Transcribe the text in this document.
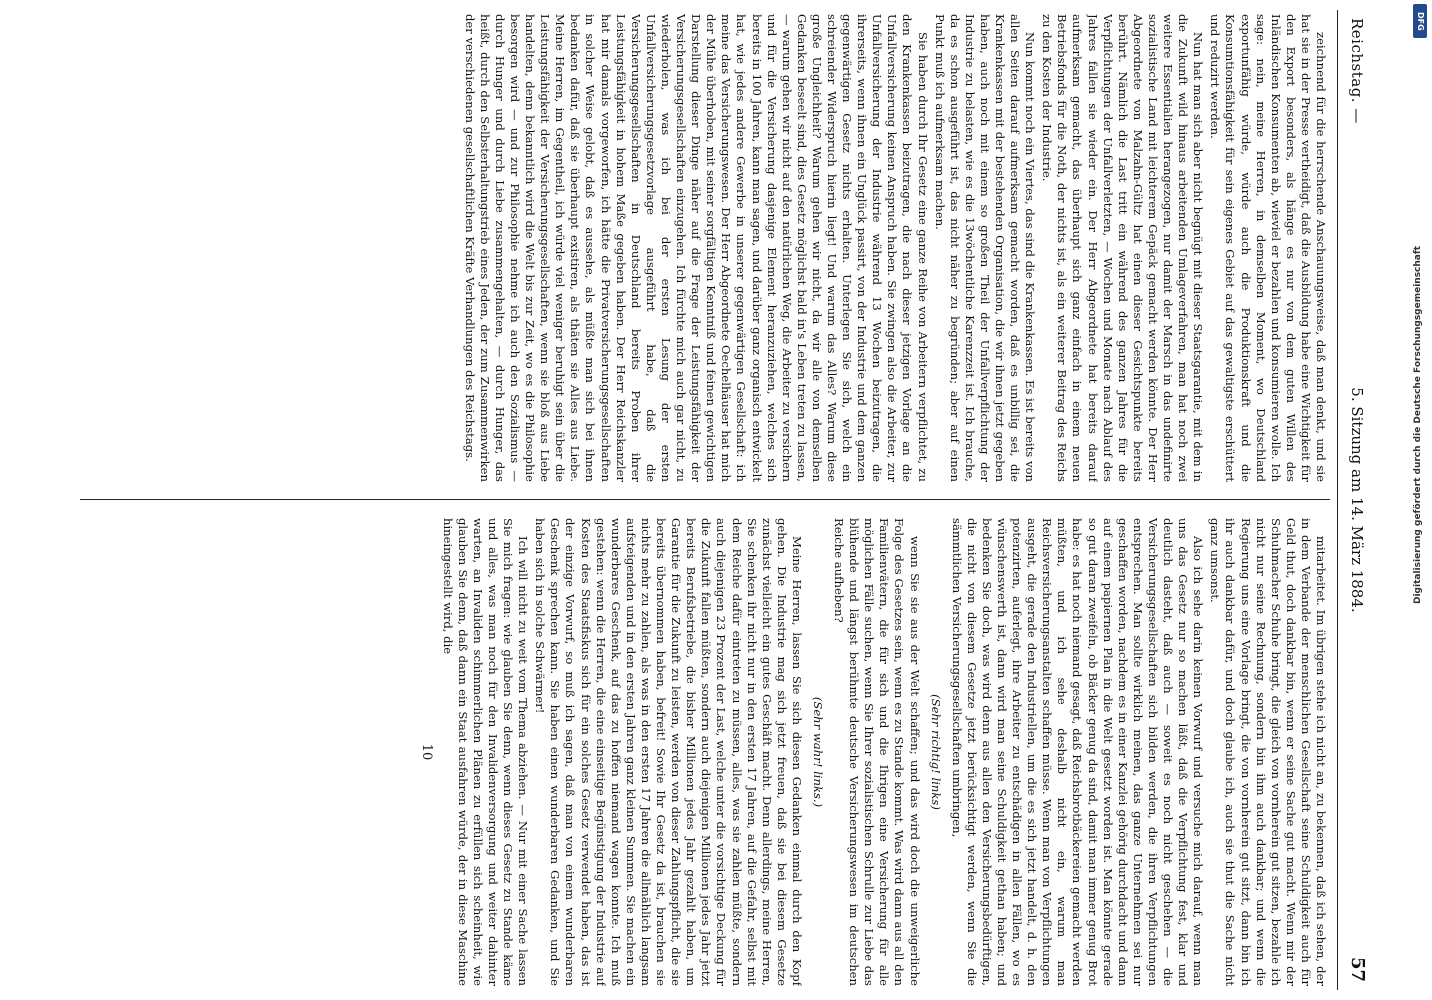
Reichstag. —
5. Sitzung am 14. März 1884.
57

zeichnend für die herrschende Anschauungsweise, daß man denkt, und sie hat sie in der Presse vertheidigt, daß die Ausbildung habe eine Wichtigkeit für den Export besonders, als hänge es nur von dem guten Willen des Inländischen Konsumenten ab, wieviel er bezahlen und konsumieren wolle. Ich sage: nein, meine Herren, in demselben Moment, wo Deutschland exportunfähig würde, würde auch die Produktionskraft und die Konsumtionsfähigkeit für sein eigenes Gebiet auf das gewaltigste erschüttert und reduzirt werden.

Nun hat man sich aber nicht begnügt mit dieser Staatsgarantie, mit dem in die Zukunft wild hinaus arbeitenden Umlageverfahren, man hat noch zwei weitere Essentialien herangezogen, nur damit der Marsch in das undefinirte sozialistische Land mit leichterem Gepäck gemacht werden könnte. Der Herr Abgeordnete von Malzahn-Gültz hat einen dieser Gesichtspunkte bereits berührt. Nämlich die Last tritt ein während des ganzen Jahres für die Verpflichtungen der Unfallverletzten, — Wochen und Monate nach Ablauf des Jahres fallen sie wieder ein. Der Herr Abgeordnete hat bereits darauf aufmerksam gemacht, das überhaupt sich ganz einfach in einem neuen Betriebsfonds für die Noth, der nichts ist, als ein weiterer Beitrag des Reichs zu den Kosten der Industrie.

Nun kommt noch ein Viertes, das sind die Krankenkassen. Es ist bereits von allen Seiten darauf aufmerksam gemacht worden, daß es unbillig sei, die Krankenkassen mit der bestehenden Organisation, die wir ihnen jetzt gegeben haben, auch noch mit einem so großen Theil der Unfallverpflichtung der Industrie zu belasten, wie es die 13wöchentliche Karenzzeit ist. Ich brauche, da es schon ausgeführt ist, das nicht näher zu begründen; aber auf einen Punkt muß ich aufmerksam machen.

Sie haben durch Ihr Gesetz eine ganze Reihe von Arbeitern verpflichtet, zu den Krankenkassen beizutragen, die nach dieser jetzigen Vorlage an die Unfallversicherung keinen Anspruch haben. Sie zwingen also die Arbeiter, zur Unfallversicherung der Industrie während 13 Wochen beizutragen, die ihrerseits, wenn ihnen ein Unglück passirt, von der Industrie und dem ganzen gegenwärtigen Gesetz nichts erhalten. Unterlegen Sie sich, welch ein schreiender Widerspruch hierin liegt! Und warum das Alles? Warum diese große Ungleichheit? Warum gehen wir nicht, da wir alle von demselben Gedanken beseelt sind, dies Gesetz möglichst bald in's Leben treten zu lassen, — warum gehen wir nicht auf den natürlichen Weg, die Arbeiter zu versichern und für die Versicherung dasjenige Element heranzuziehen, welches sich bereits in 100 Jahren, kann man sagen, und darüber ganz organisch entwickelt hat, wie jedes andere Gewerbe in unserer gegenwärtigen Gesellschaft: ich meine das Versicherungswesen. Der Herr Abgeordnete Oechelhäuser hat mich der Mühe überhoben, mit seiner sorgfältigen Kenntniß und feinen gewichtigen Darstellung dieser Dinge näher auf die Frage der Leistungsfähigkeit der Versicherungsgesellschaften einzugehen. Ich fürchte mich auch gar nicht, zu wiederholen, was ich bei der ersten Lesung der ersten Unfallversicherungsgesetzvorlage ausgeführt habe, daß die Versicherungsgesellschaften in Deutschland bereits Proben ihrer Leistungsfähigkeit in hohem Maße gegeben haben. Der Herr Reichskanzler hat mir damals vorgeworfen, ich hätte die Privatversicherungsgesellschaften in solcher Weise gelobt, daß es aussehe, als müßte man sich bei ihnen bedanken dafür, daß sie überhaupt existiren, als thäten sie Alles aus Liebe. Meine Herren, im Gegentheil, ich würde viel weniger beruhigt sein über die Leistungsfähigkeit der Versicherungsgesellschaften, wenn sie bloß aus Liebe handelten, denn bekanntlich wird die Welt bis zur Zeit, wo es die Philosophie besorgen wird — und zur Philosophie nehme ich auch den Sozialismus — durch Hunger und durch Liebe zusammengehalten, — durch Hunger, das heißt, durch den Selbsterhaltungstrieb eines Jeden, der zum Zusammenwirken der verschiedenen gesellschaftlichen Kräfte Verhandlungen des Reichstags.

mitarbeitet. Im übrigen stehe ich nicht an, zu bekennen, daß ich sehen, der in dem Verbande der menschlichen Gesellschaft seine Schuldigkeit auch für Geld thut, doch dankbar bin, wenn er seine Sache gut macht. Wenn mir der Schuhmacher Schuhe bringt, die gleich von vornherein gut sitzen, bezahle ich nicht nur seine Rechnung, sondern bin ihm auch dankbar; und wenn die Regierung uns eine Vorlage bringt, die von vornherein gut sitzt, dann bin ich ihr auch dankbar dafür, und doch glaube ich, auch sie thut die Sache nicht ganz umsonst.

Also ich sehe darin keinen Vorwurf und versuche mich darauf, wenn man uns das Gesetz nur so machen läßt, daß die Verpflichtung fest, klar und deutlich dasteht, daß auch — soweit es noch nicht geschehen — die Versicherungsgesellschaften sich bilden werden, die ihren Verpflichtungen entsprechen. Man sollte wirklich meinen, das ganze Unternehmen sei nur geschaffen worden, nachdem es in einer Kanzlei gehörig durchdacht und dann auf einem papiernen Plan in die Welt gesetzt worden ist. Man könnte gerade so gut daran zweifeln, ob Bäcker genug da sind, damit man immer genug Brot habe: es hat noch niemand gesagt, daß Reichsbrotbäckereien gemacht werden müßten, und ich sehe deshalb nicht ein, warum man Reichsversicherungsanstalten schaffen müsse. Wenn man von Verpflichtungen ausgeht, die gerade den Industriellen, um die es sich jetzt handelt, d. h. den potenzirten, auferlegt, ihre Arbeiter zu entschädigen in allen Fällen, wo es wünschenswerth ist, dann wird man seine Schuldigkeit gethan haben; und bedenken Sie doch, was wird denn aus allen den Versicherungsbedürftigen, die nicht von diesem Gesetze jetzt berücksichtigt werden, wenn Sie die sämmtlichen Versicherungsgesellschaften umbringen,

(Sehr richtig! links)

wenn Sie sie aus der Welt schaffen; und das wird doch die unweigerliche Folge des Gesetzes sein, wenn es zu Stande kommt. Was wird dann aus all den Familienvätern, die für sich und die Ihrigen eine Versicherung für alle möglichen Fälle suchen, wenn Sie Ihrer sozialistischen Schrulle zur Liebe das blühende und längst berühmte deutsche Versicherungswesen im deutschen Reiche aufheben?

(Sehr wahr! links.)

Meine Herren, lassen Sie sich diesen Gedanken einmal durch den Kopf gehen. Die Industrie mag sich jetzt freuen, daß sie bei diesem Gesetze zunächst vielleicht ein gutes Geschäft macht. Denn allerdings, meine Herren, Sie schenken ihr nicht nur in den ersten 17 Jahren, auf die Gefahr, selbst mit dem Reiche dafür eintreten zu müssen, alles, was sie zahlen müßte, sondern auch diejenigen 23 Prozent der Last, welche unter die vorsichtige Deckung für die Zukunft fallen müßten, sondern auch diejenigen Millionen jedes Jahr jetzt bereits Berufsbetriebe, die bisher Millionen jedes Jahr gezahlt haben, um Garantie für die Zukunft zu leisten, werden von dieser Zahlungspflicht, die sie bereits übernommen haben, befreit! Sowie Ihr Gesetz da ist, brauchen sie nichts mehr zu zahlen, als was in den ersten 17 Jahren die allmählich langsam aufsteigenden und in den ersten Jahren ganz kleinen Summen. Sie machen ein wunderbares Geschenk, auf das zu hoffen niemand wagen konnte. Ich muß gestehen: wenn die Herren, die eine einseitige Begünstigung der Industrie auf Kosten des Staatsfiskus sich für ein solches Gesetz verwendet haben, das ist der einzige Vorwurf, so muß ich sagen, daß man von einem wunderbaren Geschenk sprechen kann. Sie haben einen wunderbaren Gedanken, und Sie haben sich in solche Schwärmer!

Ich will nicht zu weit vom Thema abziehen. — Nur mit einer Sache lassen Sie mich fragen: wie glauben Sie denn, wenn dieses Gesetz zu Stande käme und alles, was man noch für den Invalidenversorgung und weiter dahinter warten, an Invaliden schimmerlichen Plänen zu erfüllen sich scheinheit, wie glauben Sie denn, daß dann ein Staat ausfahren würde, der in diese Maschine hineingestellt wird, die

10
DFG
Digitalisierung gefördert durch die Deutsche Forschungsgemeinschaft
